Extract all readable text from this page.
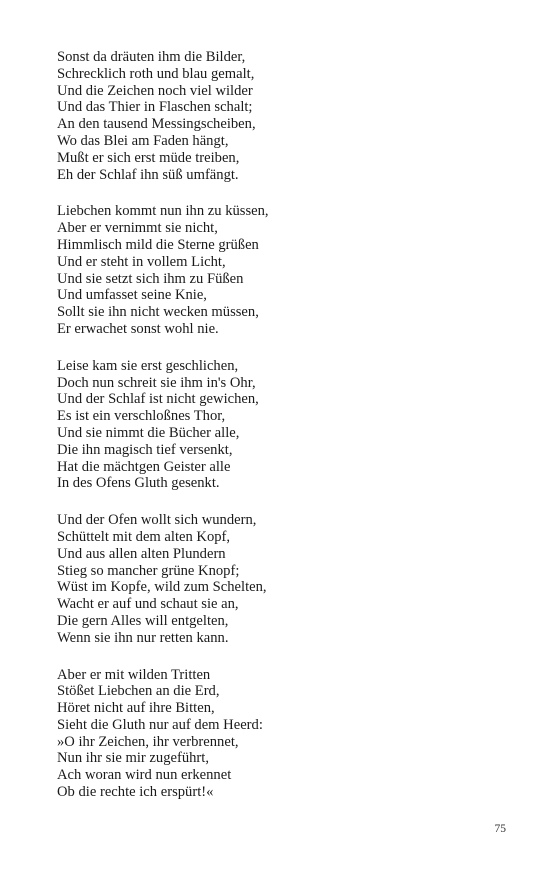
Sonst da dräuten ihm die Bilder,
Schrecklich roth und blau gemalt,
Und die Zeichen noch viel wilder
Und das Thier in Flaschen schalt;
An den tausend Messingscheiben,
Wo das Blei am Faden hängt,
Mußt er sich erst müde treiben,
Eh der Schlaf ihn süß umfängt.
Liebchen kommt nun ihn zu küssen,
Aber er vernimmt sie nicht,
Himmlisch mild die Sterne grüßen
Und er steht in vollem Licht,
Und sie setzt sich ihm zu Füßen
Und umfasset seine Knie,
Sollt sie ihn nicht wecken müssen,
Er erwachet sonst wohl nie.
Leise kam sie erst geschlichen,
Doch nun schreit sie ihm in's Ohr,
Und der Schlaf ist nicht gewichen,
Es ist ein verschloßnes Thor,
Und sie nimmt die Bücher alle,
Die ihn magisch tief versenkt,
Hat die mächtgen Geister alle
In des Ofens Gluth gesenkt.
Und der Ofen wollt sich wundern,
Schüttelt mit dem alten Kopf,
Und aus allen alten Plundern
Stieg so mancher grüne Knopf;
Wüst im Kopfe, wild zum Schelten,
Wacht er auf und schaut sie an,
Die gern Alles will entgelten,
Wenn sie ihn nur retten kann.
Aber er mit wilden Tritten
Stößet Liebchen an die Erd,
Höret nicht auf ihre Bitten,
Sieht die Gluth nur auf dem Heerd:
»O ihr Zeichen, ihr verbrennet,
Nun ihr sie mir zugeführt,
Ach woran wird nun erkennet
Ob die rechte ich erspürt!«
75
